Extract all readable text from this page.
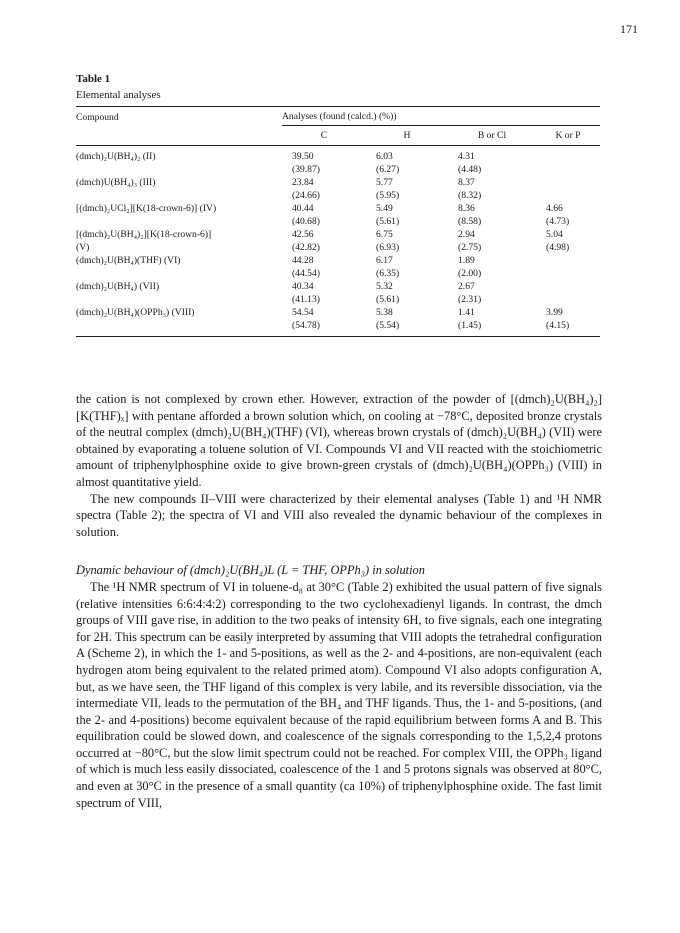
171
Table 1
Elemental analyses
Compound	Analyses (found (calcd.) (%))			
	C	H	B or Cl	K or P
(dmch)₂U(BH₄)₂ (II)	39.50	6.03	4.31	
	(39.87)	(6.27)	(4.48)	
(dmch)U(BH₄)₃ (III)	23.84	5.77	8.37	
	(24.66)	(5.95)	(8.32)	
[(dmch)₂UCl₂][K(18-crown-6)] (IV)	40.44	5.49	8.36	4.66
	(40.68)	(5.61)	(8.58)	(4.73)
[(dmch)₂U(BH₄)₂][K(18-crown-6)]	42.56	6.75	2.94	5.04
(V)	(42.82)	(6.93)	(2.75)	(4.98)
(dmch)₂U(BH₄)(THF) (VI)	44.28	6.17	1.89	
	(44.54)	(6.35)	(2.00)	
(dmch)₂U(BH₄) (VII)	40.34	5.32	2.67	
	(41.13)	(5.61)	(2.31)	
(dmch)₂U(BH₄)(OPPh₃) (VIII)	54.54	5.38	1.41	3.99
	(54.78)	(5.54)	(1.45)	(4.15)

the cation is not complexed by crown ether. However, extraction of the powder of [(dmch)₂U(BH₄)₂][K(THF)ₓ] with pentane afforded a brown solution which, on cooling at −78°C, deposited bronze crystals of the neutral complex (dmch)₂U(BH₄)(THF) (VI), whereas brown crystals of (dmch)₂U(BH₄) (VII) were obtained by evaporating a toluene solution of VI. Compounds VI and VII reacted with the stoichiometric amount of triphenylphosphine oxide to give brown-green crystals of (dmch)₂U(BH₄)(OPPh₃) (VIII) in almost quantitative yield.

The new compounds II–VIII were characterized by their elemental analyses (Table 1) and ¹H NMR spectra (Table 2); the spectra of VI and VIII also revealed the dynamic behaviour of the complexes in solution.

Dynamic behaviour of (dmch)₂U(BH₄)L (L = THF, OPPh₃) in solution

The ¹H NMR spectrum of VI in toluene-d₈ at 30°C (Table 2) exhibited the usual pattern of five signals (relative intensities 6:6:4:4:2) corresponding to the two cyclohexadienyl ligands. In contrast, the dmch groups of VIII gave rise, in addition to the two peaks of intensity 6H, to five signals, each one integrating for 2H. This spectrum can be easily interpreted by assuming that VIII adopts the tetrahedral configuration A (Scheme 2), in which the 1- and 5-positions, as well as the 2- and 4-positions, are non-equivalent (each hydrogen atom being equivalent to the related primed atom). Compound VI also adopts configuration A, but, as we have seen, the THF ligand of this complex is very labile, and its reversible dissociation, via the intermediate VII, leads to the permutation of the BH₄ and THF ligands. Thus, the 1- and 5-positions, (and the 2- and 4-positions) become equivalent because of the rapid equilibrium between forms A and B. This equilibration could be slowed down, and coalescence of the signals corresponding to the 1,5,2,4 protons occurred at −80°C, but the slow limit spectrum could not be reached. For complex VIII, the OPPh₃ ligand of which is much less easily dissociated, coalescence of the 1 and 5 protons signals was observed at 80°C, and even at 30°C in the presence of a small quantity (ca 10%) of triphenylphosphine oxide. The fast limit spectrum of VIII,
